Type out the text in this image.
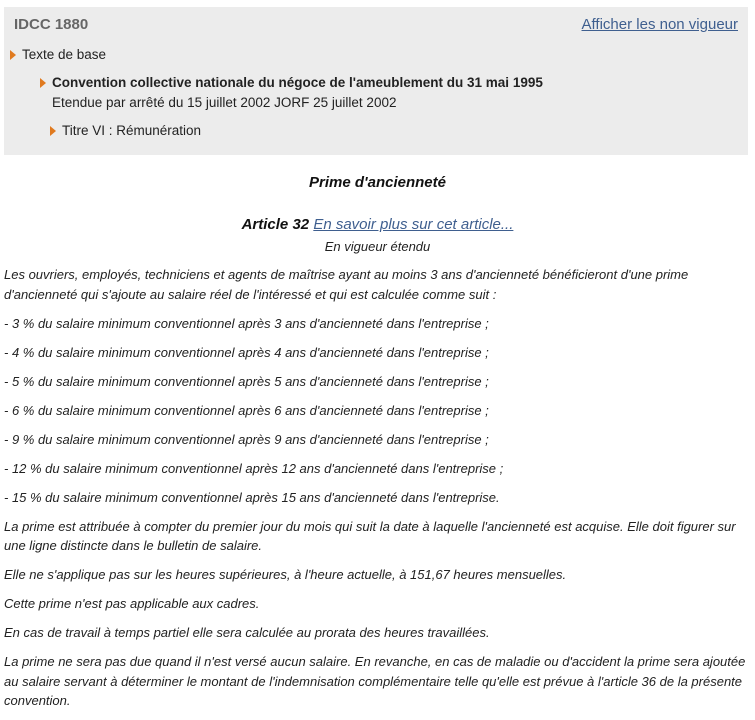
IDCC 1880	Afficher les non vigueur
Texte de base
Convention collective nationale du négoce de l'ameublement du 31 mai 1995
Etendue par arrêté du 15 juillet 2002 JORF 25 juillet 2002
Titre VI : Rémunération
Prime d'ancienneté
Article 32 En savoir plus sur cet article...
En vigueur étendu

Les ouvriers, employés, techniciens et agents de maîtrise ayant au moins 3 ans d'ancienneté bénéficieront d'une prime d'ancienneté qui s'ajoute au salaire réel de l'intéressé et qui est calculée comme suit :

- 3 % du salaire minimum conventionnel après 3 ans d'ancienneté dans l'entreprise ;

- 4 % du salaire minimum conventionnel après 4 ans d'ancienneté dans l'entreprise ;

- 5 % du salaire minimum conventionnel après 5 ans d'ancienneté dans l'entreprise ;

- 6 % du salaire minimum conventionnel après 6 ans d'ancienneté dans l'entreprise ;

- 9 % du salaire minimum conventionnel après 9 ans d'ancienneté dans l'entreprise ;

- 12 % du salaire minimum conventionnel après 12 ans d'ancienneté dans l'entreprise ;

- 15 % du salaire minimum conventionnel après 15 ans d'ancienneté dans l'entreprise.

La prime est attribuée à compter du premier jour du mois qui suit la date à laquelle l'ancienneté est acquise. Elle doit figurer sur une ligne distincte dans le bulletin de salaire.

Elle ne s'applique pas sur les heures supérieures, à l'heure actuelle, à 151,67 heures mensuelles.

Cette prime n'est pas applicable aux cadres.

En cas de travail à temps partiel elle sera calculée au prorata des heures travaillées.

La prime ne sera pas due quand il n'est versé aucun salaire. En revanche, en cas de maladie ou d'accident la prime sera ajoutée au salaire servant à déterminer le montant de l'indemnisation complémentaire telle qu'elle est prévue à l'article 36 de la présente convention.
